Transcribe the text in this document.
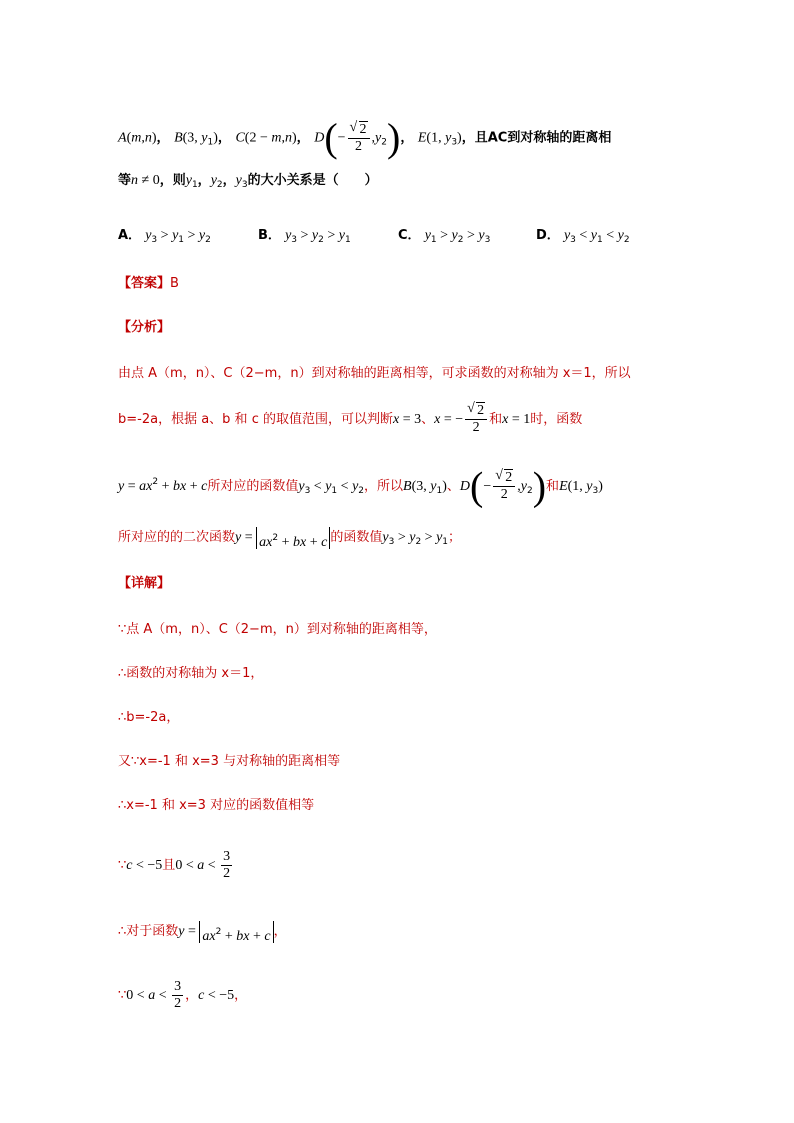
A(m,n)， B(3, $y_1$)， C(2 − m,n)， D(− √ $\frac{2}{2} ,y_2$)， E(1, $y_3$)，且AC到对称轴的距离相
等n ≠ 0，则$y_1$，$y_2$，$y_3$的大小关系是（　　）
A． $y_3 > y_1 > y_2$	B． $y_3 > y_2 > y_1$	C． $y_1 > y_2 > y_3$	D． $y_3 < y_1 < y_2$
【答案】B
【分析】
由点 A（m，n）、C（2−m，n）到对称轴的距离相等，可求函数的对称轴为 x＝1，所以
b=-2a，根据 a、b 和 c 的取值范围，可以判断x = 3、x = − √ $\frac{2}{2}$ 和x = 1时，函数
$y = ax^2$ + bx + c所对应的函数值$y_3 < y_1 < y_2$，所以B(3, $y_1$)、D(− √ $\frac{2}{2} ,y_2$)和E(1, $y_3$)
所对应的的二次函数$y = ax^2$ + bx + c 的函数值$y_3 > y_2 > y_1$；
【详解】
∵点 A（m，n）、C（2−m，n）到对称轴的距离相等，
∴函数的对称轴为 x＝1，
∴b=-2a，
又∵x=-1 和 x=3 与对称轴的距离相等
∴x=-1 和 x=3 对应的函数值相等
∵c < −5且$0 < a < \frac{3}{2}$
∴对于函数$y = ax^2$ + bx + c ，
∵0 < $a < \frac{3}{2}$ ，c < −5，
